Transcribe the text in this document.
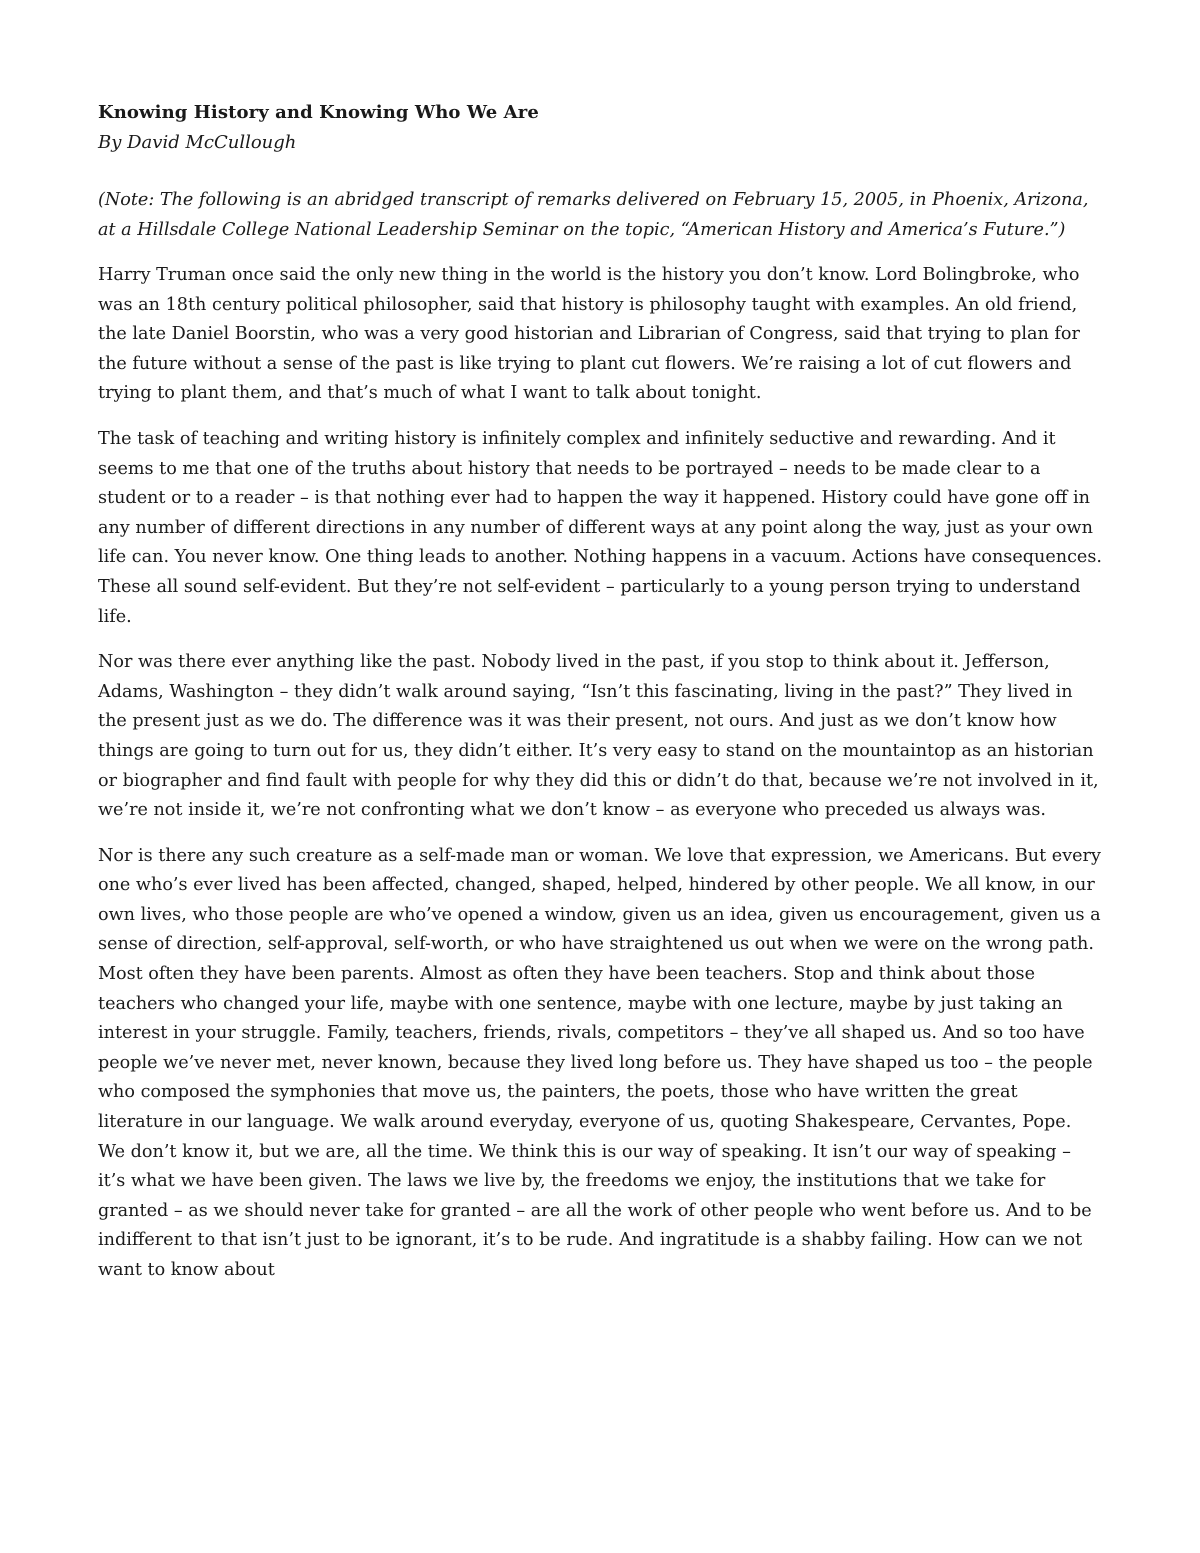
Knowing History and Knowing Who We Are

By David McCullough

(Note: The following is an abridged transcript of remarks delivered on February 15, 2005, in Phoenix, Arizona, at a Hillsdale College National Leadership Seminar on the topic, “American History and America’s Future.”)

Harry Truman once said the only new thing in the world is the history you don’t know. Lord Bolingbroke, who was an 18th century political philosopher, said that history is philosophy taught with examples. An old friend, the late Daniel Boorstin, who was a very good historian and Librarian of Congress, said that trying to plan for the future without a sense of the past is like trying to plant cut flowers. We’re raising a lot of cut flowers and trying to plant them, and that’s much of what I want to talk about tonight.

The task of teaching and writing history is infinitely complex and infinitely seductive and rewarding. And it seems to me that one of the truths about history that needs to be portrayed – needs to be made clear to a student or to a reader – is that nothing ever had to happen the way it happened. History could have gone off in any number of different directions in any number of different ways at any point along the way, just as your own life can. You never know. One thing leads to another. Nothing happens in a vacuum. Actions have consequences. These all sound self-evident. But they’re not self-evident – particularly to a young person trying to understand life.

Nor was there ever anything like the past. Nobody lived in the past, if you stop to think about it. Jefferson, Adams, Washington – they didn’t walk around saying, “Isn’t this fascinating, living in the past?” They lived in the present just as we do. The difference was it was their present, not ours. And just as we don’t know how things are going to turn out for us, they didn’t either. It’s very easy to stand on the mountaintop as an historian or biographer and find fault with people for why they did this or didn’t do that, because we’re not involved in it, we’re not inside it, we’re not confronting what we don’t know – as everyone who preceded us always was.

Nor is there any such creature as a self-made man or woman. We love that expression, we Americans. But every one who’s ever lived has been affected, changed, shaped, helped, hindered by other people. We all know, in our own lives, who those people are who’ve opened a window, given us an idea, given us encouragement, given us a sense of direction, self-approval, self-worth, or who have straightened us out when we were on the wrong path. Most often they have been parents. Almost as often they have been teachers. Stop and think about those teachers who changed your life, maybe with one sentence, maybe with one lecture, maybe by just taking an interest in your struggle. Family, teachers, friends, rivals, competitors – they’ve all shaped us. And so too have people we’ve never met, never known, because they lived long before us. They have shaped us too – the people who composed the symphonies that move us, the painters, the poets, those who have written the great literature in our language. We walk around everyday, everyone of us, quoting Shakespeare, Cervantes, Pope. We don’t know it, but we are, all the time. We think this is our way of speaking. It isn’t our way of speaking – it’s what we have been given. The laws we live by, the freedoms we enjoy, the institutions that we take for granted – as we should never take for granted – are all the work of other people who went before us. And to be indifferent to that isn’t just to be ignorant, it’s to be rude. And ingratitude is a shabby failing. How can we not want to know about
